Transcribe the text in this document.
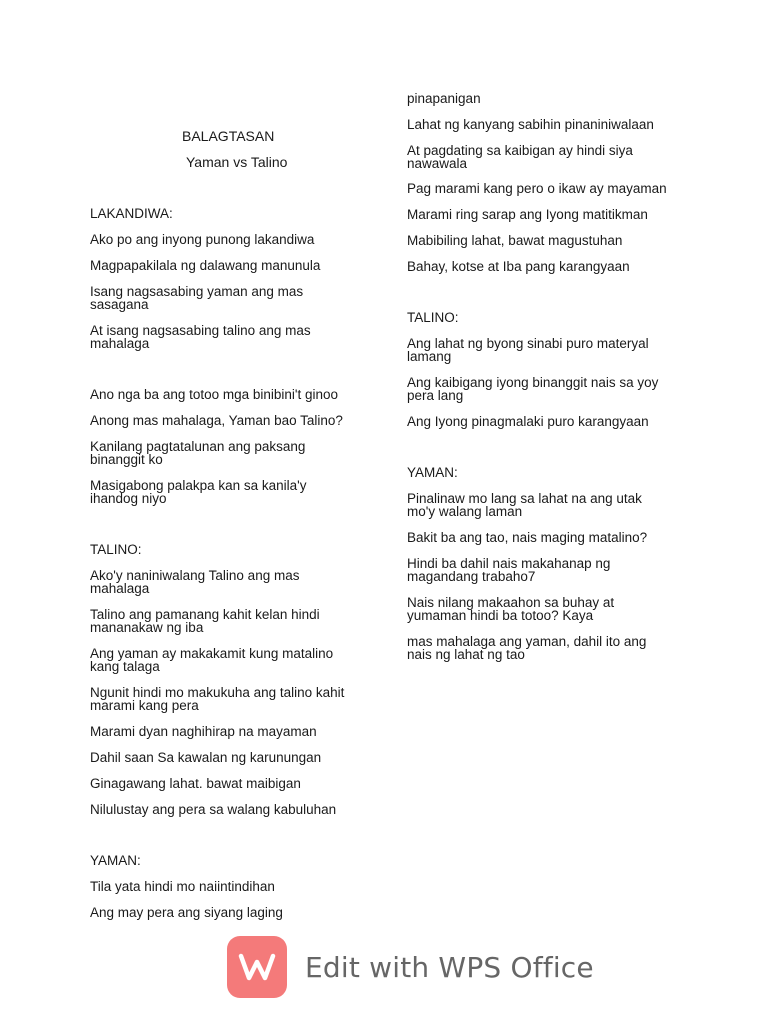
BALAGTASAN
Yaman vs Talino
LAKANDIWA:
Ako po ang inyong punong lakandiwa
Magpapakilala ng dalawang manunula
Isang nagsasabing yaman ang mas sasagana
At isang nagsasabing talino ang mas mahalaga
Ano nga ba ang totoo mga binibini't ginoo
Anong mas mahalaga, Yaman bao Talino?
Kanilang pagtatalunan ang paksang binanggit ko
Masigabong palakpa kan sa kanila'y ihandog niyo
TALINO:
Ako'y naniniwalang Talino ang mas mahalaga
Talino ang pamanang kahit kelan hindi mananakaw ng iba
Ang yaman ay makakamit kung matalino kang talaga
Ngunit hindi mo makukuha ang talino kahit marami kang pera
Marami dyan naghihirap na mayaman
Dahil saan Sa kawalan ng karunungan
Ginagawang lahat. bawat maibigan
Nilulustay ang pera sa walang kabuluhan
YAMAN:
Tila yata hindi mo naiintindihan
Ang may pera ang siyang laging
pinapanigan
Lahat ng kanyang sabihin pinaniniwalaan
At pagdating sa kaibigan ay hindi siya nawawala
Pag marami kang pero o ikaw ay mayaman
Marami ring sarap ang Iyong matitikman
Mabibiling lahat, bawat magustuhan
Bahay, kotse at Iba pang karangyaan
TALINO:
Ang lahat ng byong sinabi puro materyal lamang
Ang kaibigang iyong binanggit nais sa yoy pera lang
Ang Iyong pinagmalaki puro karangyaan
YAMAN:
Pinalinaw mo lang sa lahat na ang utak mo'y walang laman
Bakit ba ang tao, nais maging matalino?
Hindi ba dahil nais makahanap ng magandang trabaho7
Nais nilang makaahon sa buhay at yumaman hindi ba totoo? Kaya
mas mahalaga ang yaman, dahil ito ang nais ng lahat ng tao
Edit with WPS Office
